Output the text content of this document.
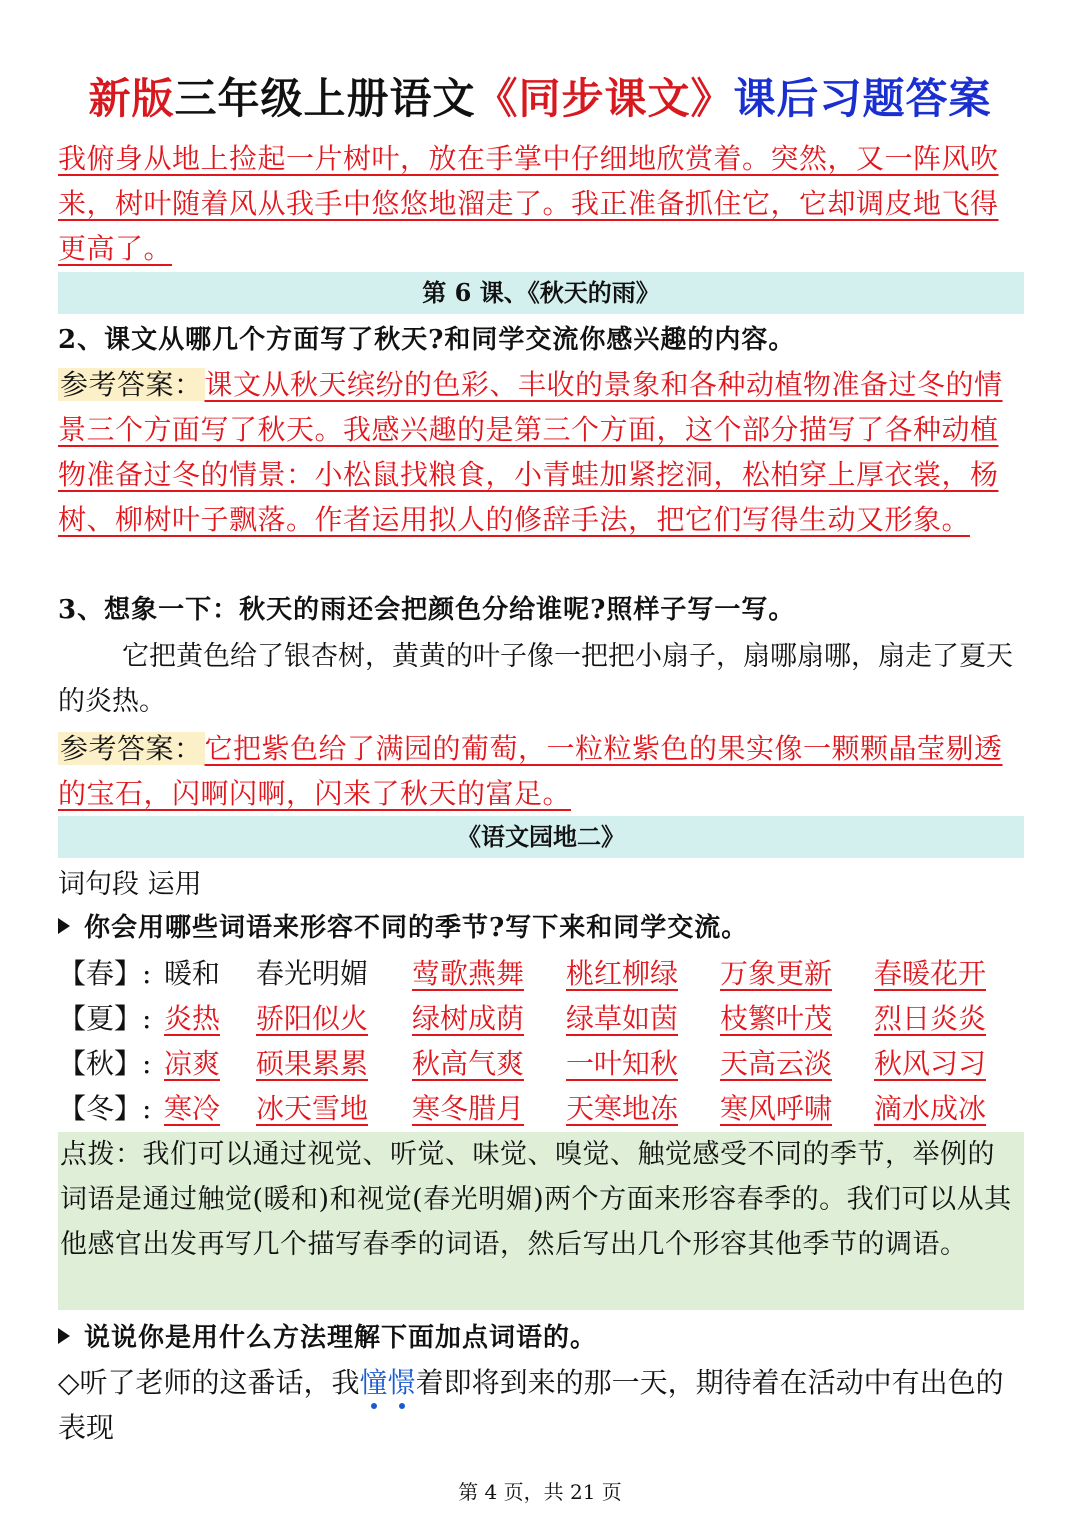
新版三年级上册语文《同步课文》课后习题答案
我俯身从地上捡起一片树叶，放在手掌中仔细地欣赏着。突然，又一阵风吹来，树叶随着风从我手中悠悠地溜走了。我正准备抓住它，它却调皮地飞得更高了。
第 6 课、《秋天的雨》
2、课文从哪几个方面写了秋天?和同学交流你感兴趣的内容。
参考答案：课文从秋天缤纷的色彩、丰收的景象和各种动植物准备过冬的情景三个方面写了秋天。我感兴趣的是第三个方面，这个部分描写了各种动植物准备过冬的情景：小松鼠找粮食，小青蛙加紧挖洞，松柏穿上厚衣裳，杨树、柳树叶子飘落。作者运用拟人的修辞手法，把它们写得生动又形象。
3、想象一下：秋天的雨还会把颜色分给谁呢?照样子写一写。
它把黄色给了银杏树，黄黄的叶子像一把把小扇子，扇哪扇哪，扇走了夏天的炎热。
参考答案：它把紫色给了满园的葡萄，一粒粒紫色的果实像一颗颗晶莹剔透的宝石，闪啊闪啊，闪来了秋天的富足。
《语文园地二》
词句段 运用
你会用哪些词语来形容不同的季节?写下来和同学交流。
【春】: 暖和 春光明媚 莺歌燕舞 桃红柳绿 万象更新 春暖花开
【夏】: 炎热 骄阳似火 绿树成荫 绿草如茵 枝繁叶茂 烈日炎炎
【秋】: 凉爽 硕果累累 秋高气爽 一叶知秋 天高云淡 秋风习习
【冬】: 寒冷 冰天雪地 寒冬腊月 天寒地冻 寒风呼啸 滴水成冰
点拨：我们可以通过视觉、听觉、味觉、嗅觉、触觉感受不同的季节，举例的词语是通过触觉(暖和)和视觉(春光明媚)两个方面来形容春季的。我们可以从其他感官出发再写几个描写春季的词语，然后写出几个形容其他季节的调语。
说说你是用什么方法理解下面加点词语的。
◇听了老师的这番话，我憧憬
着即将到来的那一天，期待着在活动中有出色的表现
第 4 页，共 21 页
